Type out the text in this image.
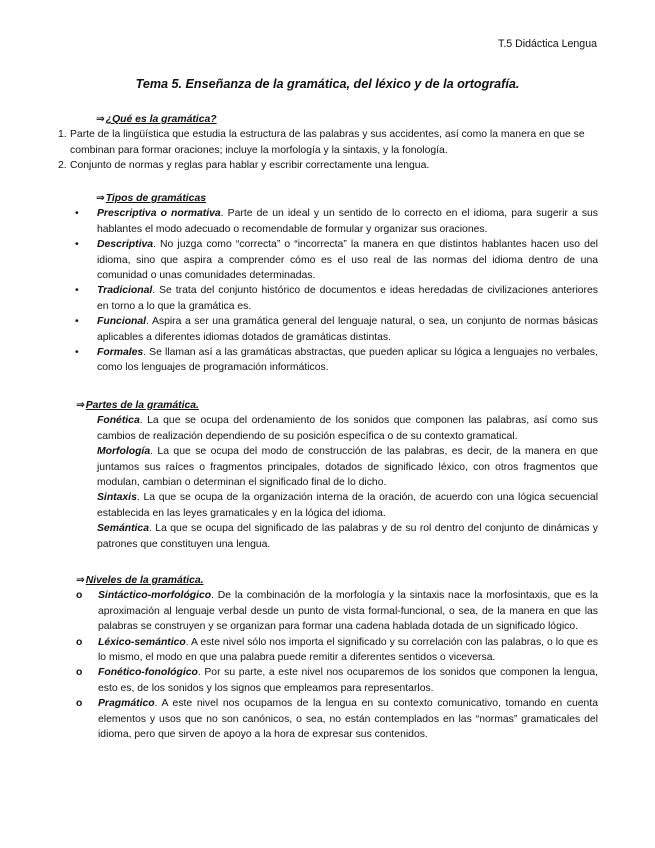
T.5 Didáctica Lengua
Tema 5. Enseñanza de la gramática, del léxico y de la ortografía.
⇒¿Qué es la gramática?
1. Parte de la lingüística que estudia la estructura de las palabras y sus accidentes, así como la manera en que se combinan para formar oraciones; incluye la morfología y la sintaxis, y la fonología.
2. Conjunto de normas y reglas para hablar y escribir correctamente una lengua.
⇒Tipos de gramáticas
•	Prescriptiva o normativa. Parte de un ideal y un sentido de lo correcto en el idioma, para sugerir a sus hablantes el modo adecuado o recomendable de formular y organizar sus oraciones.
•	Descriptiva. No juzga como “correcta” o “incorrecta” la manera en que distintos hablantes hacen uso del idioma, sino que aspira a comprender cómo es el uso real de las normas del idioma dentro de una comunidad o unas comunidades determinadas.
•	Tradicional. Se trata del conjunto histórico de documentos e ideas heredadas de civilizaciones anteriores en torno a lo que la gramática es.
•	Funcional. Aspira a ser una gramática general del lenguaje natural, o sea, un conjunto de normas básicas aplicables a diferentes idiomas dotados de gramáticas distintas.
•	Formales. Se llaman así a las gramáticas abstractas, que pueden aplicar su lógica a lenguajes no verbales, como los lenguajes de programación informáticos.
⇒Partes de la gramática.
Fonética. La que se ocupa del ordenamiento de los sonidos que componen las palabras, así como sus cambios de realización dependiendo de su posición específica o de su contexto gramatical.
Morfología. La que se ocupa del modo de construcción de las palabras, es decir, de la manera en que juntamos sus raíces o fragmentos principales, dotados de significado léxico, con otros fragmentos que modulan, cambian o determinan el significado final de lo dicho.
Sintaxis. La que se ocupa de la organización interna de la oración, de acuerdo con una lógica secuencial establecida en las leyes gramaticales y en la lógica del idioma.
Semántica. La que se ocupa del significado de las palabras y de su rol dentro del conjunto de dinámicas y patrones que constituyen una lengua.
⇒Niveles de la gramática.
o	Sintáctico-morfológico. De la combinación de la morfología y la sintaxis nace la morfosintaxis, que es la aproximación al lenguaje verbal desde un punto de vista formal-funcional, o sea, de la manera en que las palabras se construyen y se organizan para formar una cadena hablada dotada de un significado lógico.
o	Léxico-semántico. A este nivel sólo nos importa el significado y su correlación con las palabras, o lo que es lo mismo, el modo en que una palabra puede remitir a diferentes sentidos o viceversa.
o	Fonético-fonológico. Por su parte, a este nivel nos ocuparemos de los sonidos que componen la lengua, esto es, de los sonidos y los signos que empleamos para representarlos.
o	Pragmático. A este nivel nos ocupamos de la lengua en su contexto comunicativo, tomando en cuenta elementos y usos que no son canónicos, o sea, no están contemplados en las “normas” gramaticales del idioma, pero que sirven de apoyo a la hora de expresar sus contenidos.
